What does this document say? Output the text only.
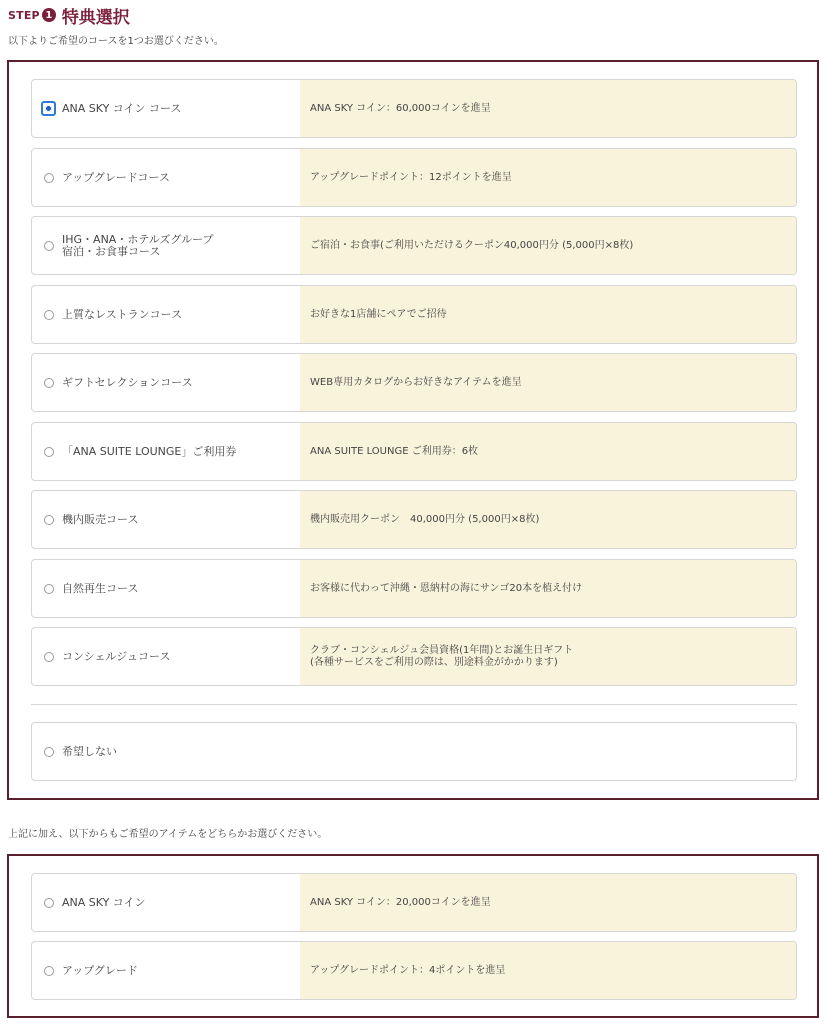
STEP 1 特典選択
以下よりご希望のコースを1つお選びください。
ANA SKY コイン コース	ANA SKY コイン：60,000コインを進呈
アップグレードコース	アップグレードポイント：12ポイントを進呈
IHG・ANA・ホテルズグループ
宿泊・お食事コース	ご宿泊・お食事(ご利用いただけるクーポン40,000円分 (5,000円×8枚)
上質なレストランコース	お好きな1店舗にペアでご招待
ギフトセレクションコース	WEB専用カタログからお好きなアイテムを進呈
「ANA SUITE LOUNGE」ご利用券	ANA SUITE LOUNGE ご利用券：6枚
機内販売コース	機内販売用クーポン　40,000円分 (5,000円×8枚)
自然再生コース	お客様に代わって沖縄・恩納村の海にサンゴ20本を植え付け
コンシェルジュコース	クラブ・コンシェルジュ会員資格(1年間)とお誕生日ギフト
(各種サービスをご利用の際は、別途料金がかかります)
希望しない
上記に加え、以下からもご希望のアイテムをどちらかお選びください。
ANA SKY コイン	ANA SKY コイン：20,000コインを進呈
アップグレード	アップグレードポイント：4ポイントを進呈
